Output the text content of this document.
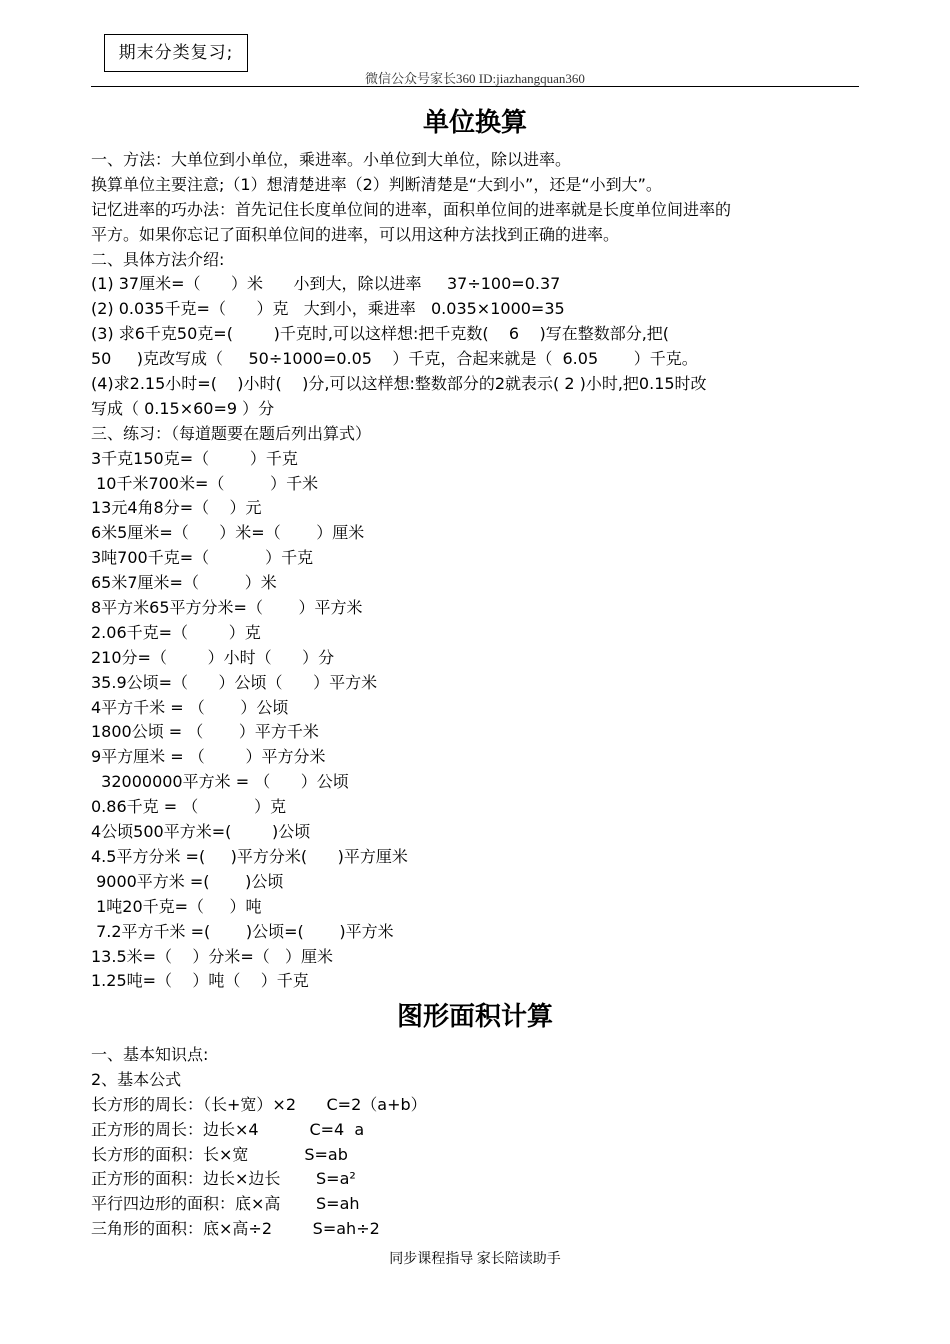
期末分类复习;
微信公众号家长360 ID:jiazhangquan360
单位换算
一、方法：大单位到小单位，乘进率。小单位到大单位，除以进率。
换算单位主要注意;（1）想清楚进率（2）判断清楚是“大到小”，还是“小到大”。
记忆进率的巧办法：首先记住长度单位间的进率，面积单位间的进率就是长度单位间进率的
平方。如果你忘记了面积单位间的进率，可以用这种方法找到正确的进率。
二、具体方法介绍:
(1) 37厘米=（      ）米      小到大，除以进率     37÷100=0.37
(2) 0.035千克=（      ）克   大到小，乘进率   0.035×1000=35
(3) 求6千克50克=(        )千克时,可以这样想:把千克数(    6    )写在整数部分,把(
50     )克改写成（     50÷1000=0.05    ）千克，合起来就是（  6.05       ）千克。
(4)求2.15小时=(    )小时(    )分,可以这样想:整数部分的2就表示( 2 )小时,把0.15时改
写成（ 0.15×60=9 ）分
三、练习：（每道题要在题后列出算式）
3千克150克=（        ）千克
10千米700米=（         ）千米
13元4角8分=（    ）元
6米5厘米=（      ）米=（       ）厘米
3吨700千克=（           ）千克
65米7厘米=（         ）米
8平方米65平方分米=（       ）平方米
2.06千克=（        ）克
210分=（        ）小时（      ）分
35.9公顷=（      ）公顷（      ）平方米
4平方千米 = （       ）公顷
1800公顷 = （       ）平方千米
9平方厘米 = （        ）平方分米
32000000平方米 = （      ）公顷
0.86千克 = （           ）克
4公顷500平方米=(        )公顷
4.5平方分米 =(     )平方分米(      )平方厘米
9000平方米 =(       )公顷
1吨20千克=（     ）吨
7.2平方千米 =(       )公顷=(       )平方米
13.5米=（    ）分米=（   ）厘米
1.25吨=（    ）吨（    ）千克
图形面积计算
一、基本知识点:
2、基本公式
长方形的周长：（长+宽）×2      C=2（a+b）
正方形的周长：边长×4          C=4  a
长方形的面积：长×宽           S=ab
正方形的面积：边长×边长       S=a²
平行四边形的面积：底×高       S=ah
三角形的面积：底×高÷2        S=ah÷2
同步课程指导 家长陪读助手
